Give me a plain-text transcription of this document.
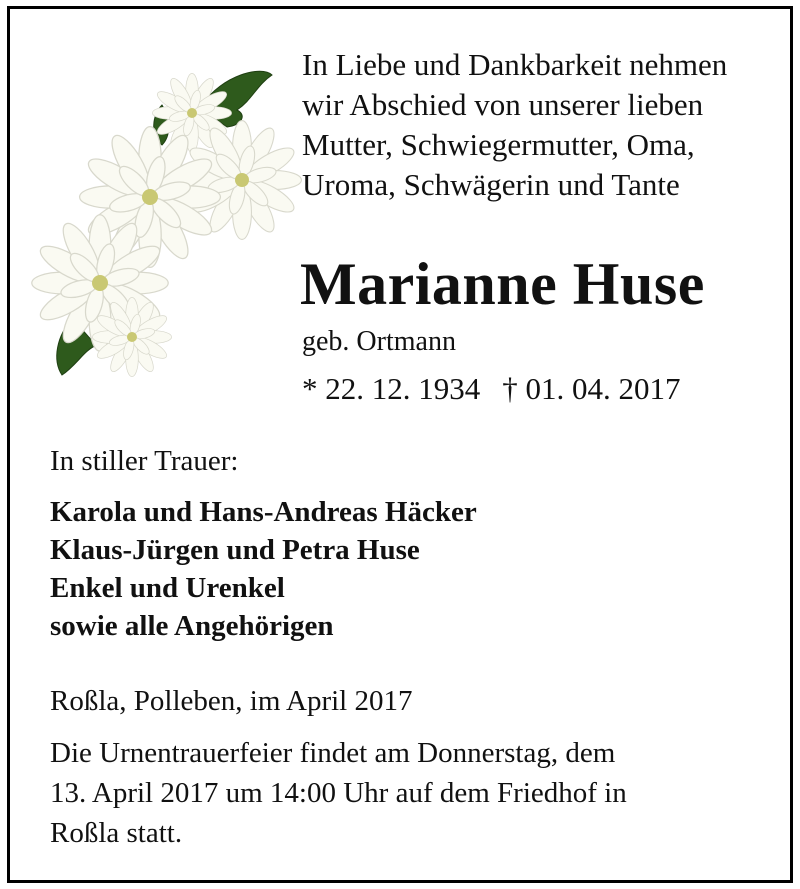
In Liebe und Dankbarkeit nehmen
wir Abschied von unserer lieben
Mutter, Schwiegermutter, Oma,
Uroma, Schwägerin und Tante
Marianne Huse
geb. Ortmann
* 22. 12. 1934 † 01. 04. 2017
In stiller Trauer:
Karola und Hans-Andreas Häcker
Klaus-Jürgen und Petra Huse
Enkel und Urenkel
sowie alle Angehörigen
Roßla, Polleben, im April 2017
Die Urnentrauerfeier findet am Donnerstag, dem
13. April 2017 um 14:00 Uhr auf dem Friedhof in
Roßla statt.
